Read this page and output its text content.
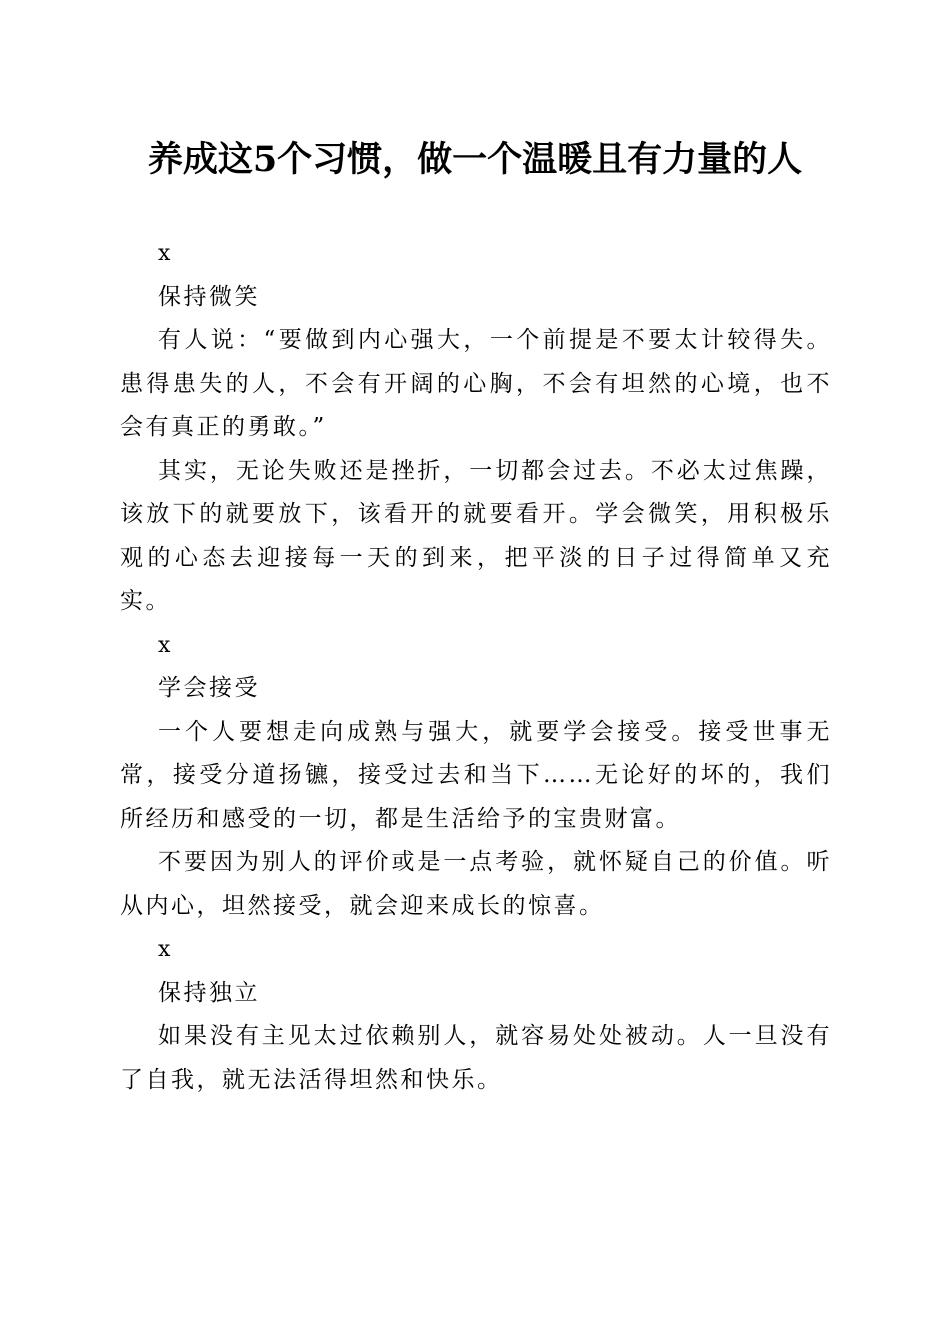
养成这5个习惯，做一个温暖且有力量的人

x

保持微笑

有人说：“要做到内心强大，一个前提是不要太计较得失。患得患失的人，不会有开阔的心胸，不会有坦然的心境，也不会有真正的勇敢。”

其实，无论失败还是挫折，一切都会过去。不必太过焦躁，该放下的就要放下，该看开的就要看开。学会微笑，用积极乐观的心态去迎接每一天的到来，把平淡的日子过得简单又充实。

x

学会接受

一个人要想走向成熟与强大，就要学会接受。接受世事无常，接受分道扬镳，接受过去和当下……无论好的坏的，我们所经历和感受的一切，都是生活给予的宝贵财富。

不要因为别人的评价或是一点考验，就怀疑自己的价值。听从内心，坦然接受，就会迎来成长的惊喜。

x

保持独立

如果没有主见太过依赖别人，就容易处处被动。人一旦没有了自我，就无法活得坦然和快乐。
